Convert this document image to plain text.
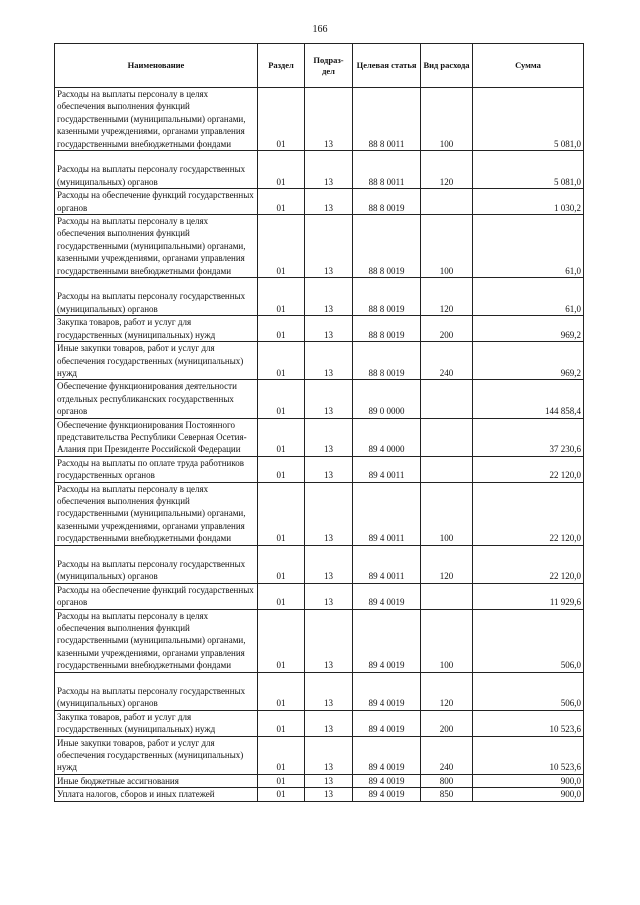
166
Наименование	Раздел	Подраз- дел	Целевая статья	Вид расхода	Сумма

Расходы на выплаты персоналу в целях обеспечения выполнения функций государственными (муниципальными) органами, казенными учреждениями, органами управления государственными внебюджетными фондами	01	13	88 8 0011	100	5 081,0

Расходы на выплаты персоналу государственных (муниципальных) органов	01	13	88 8 0011	120	5 081,0

Расходы на обеспечение функций государственных органов	01	13	88 8 0019		1 030,2

Расходы на выплаты персоналу в целях обеспечения выполнения функций государственными (муниципальными) органами, казенными учреждениями, органами управления государственными внебюджетными фондами	01	13	88 8 0019	100	61,0

Расходы на выплаты персоналу государственных (муниципальных) органов	01	13	88 8 0019	120	61,0

Закупка товаров, работ и услуг для государственных (муниципальных) нужд	01	13	88 8 0019	200	969,2

Иные закупки товаров, работ и услуг для обеспечения государственных (муниципальных) нужд	01	13	88 8 0019	240	969,2

Обеспечение функционирования деятельности отдельных республиканских государственных органов	01	13	89 0 0000		144 858,4

Обеспечение функционирования Постоянного представительства Республики Северная Осетия-Алания при Президенте Российской Федерации	01	13	89 4 0000		37 230,6

Расходы на выплаты по оплате труда работников государственных органов	01	13	89 4 0011		22 120,0

Расходы на выплаты персоналу в целях обеспечения выполнения функций государственными (муниципальными) органами, казенными учреждениями, органами управления государственными внебюджетными фондами	01	13	89 4 0011	100	22 120,0

Расходы на выплаты персоналу государственных (муниципальных) органов	01	13	89 4 0011	120	22 120,0

Расходы на обеспечение функций государственных органов	01	13	89 4 0019		11 929,6

Расходы на выплаты персоналу в целях обеспечения выполнения функций государственными (муниципальными) органами, казенными учреждениями, органами управления государственными внебюджетными фондами	01	13	89 4 0019	100	506,0

Расходы на выплаты персоналу государственных (муниципальных) органов	01	13	89 4 0019	120	506,0

Закупка товаров, работ и услуг для государственных (муниципальных) нужд	01	13	89 4 0019	200	10 523,6

Иные закупки товаров, работ и услуг для обеспечения государственных (муниципальных) нужд	01	13	89 4 0019	240	10 523,6

Иные бюджетные ассигнования	01	13	89 4 0019	800	900,0

Уплата налогов, сборов и иных платежей	01	13	89 4 0019	850	900,0
